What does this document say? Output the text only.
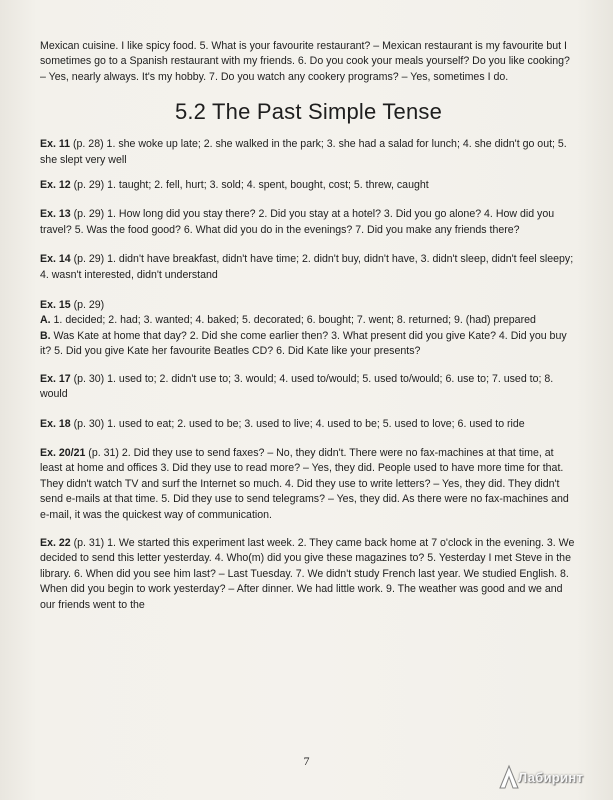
Mexican cuisine. I like spicy food. 5. What is your favourite restaurant? – Mexican restaurant is my favourite but I sometimes go to a Spanish restaurant with my friends. 6. Do you cook your meals yourself? Do you like cooking? – Yes, nearly always. It's my hobby. 7. Do you watch any cookery programs? – Yes, sometimes I do.

5.2 The Past Simple Tense

Ex. 11 (p. 28) 1. she woke up late; 2. she walked in the park; 3. she had a salad for lunch; 4. she didn't go out; 5. she slept very well

Ex. 12 (p. 29) 1. taught; 2. fell, hurt; 3. sold; 4. spent, bought, cost; 5. threw, caught

Ex. 13 (p. 29) 1. How long did you stay there? 2. Did you stay at a hotel? 3. Did you go alone? 4. How did you travel? 5. Was the food good? 6. What did you do in the evenings? 7. Did you make any friends there?

Ex. 14 (p. 29) 1. didn't have breakfast, didn't have time; 2. didn't buy, didn't have, 3. didn't sleep, didn't feel sleepy; 4. wasn't interested, didn't understand

Ex. 15 (p. 29)

A. 1. decided; 2. had; 3. wanted; 4. baked; 5. decorated; 6. bought; 7. went; 8. returned; 9. (had) prepared

B. Was Kate at home that day? 2. Did she come earlier then? 3. What present did you give Kate? 4. Did you buy it? 5. Did you give Kate her favourite Beatles CD? 6. Did Kate like your presents?

Ex. 17 (p. 30) 1. used to; 2. didn't use to; 3. would; 4. used to/would; 5. used to/would; 6. use to; 7. used to; 8. would

Ex. 18 (p. 30) 1. used to eat; 2. used to be; 3. used to live; 4. used to be; 5. used to love; 6. used to ride

Ex. 20/21 (p. 31) 2. Did they use to send faxes? – No, they didn't. There were no fax-machines at that time, at least at home and offices 3. Did they use to read more? – Yes, they did. People used to have more time for that. They didn't watch TV and surf the Internet so much. 4. Did they use to write letters? – Yes, they did. They didn't send e-mails at that time. 5. Did they use to send telegrams? – Yes, they did. As there were no fax-machines and e-mail, it was the quickest way of communication.

Ex. 22 (p. 31) 1. We started this experiment last week. 2. They came back home at 7 o'clock in the evening. 3. We decided to send this letter yesterday. 4. Who(m) did you give these magazines to? 5. Yesterday I met Steve in the library. 6. When did you see him last? – Last Tuesday. 7. We didn't study French last year. We studied English. 8. When did you begin to work yesterday? – After dinner. We had little work. 9. The weather was good and we and our friends went to the

7
Лабиринт
